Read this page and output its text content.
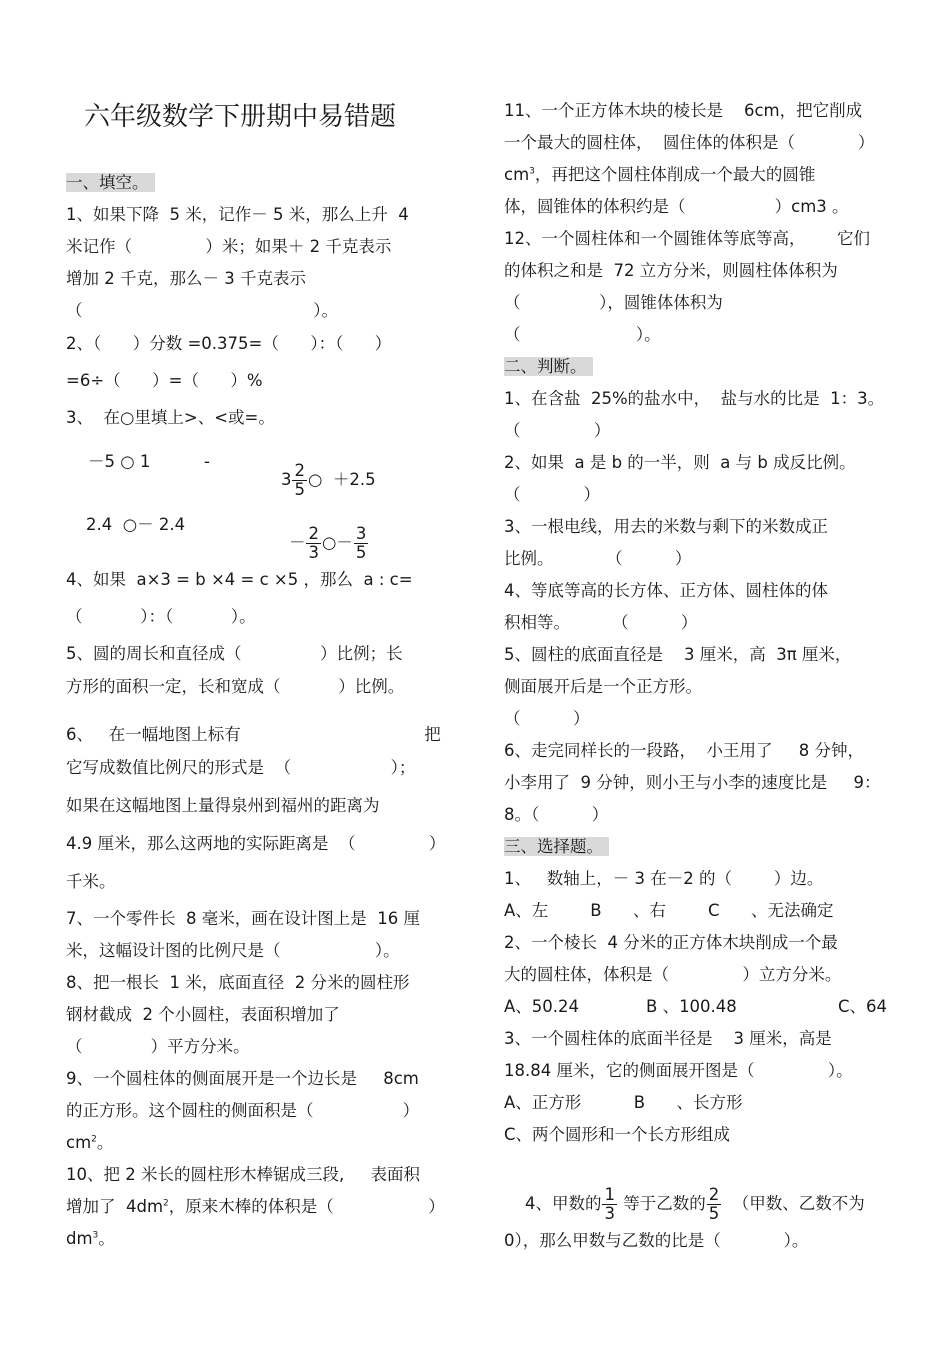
六年级数学下册期中易错题
一、填空。
1、如果下降  5 米，记作－ 5 米，那么上升  4
米记作（              ）米；如果＋ 2 千克表示
增加 2 千克，那么－ 3 千克表示
（                                            ）。
2、（      ）分数 =0.375=（      ）：（      ）
=6÷（      ）=（      ）%
3、  在○里填上>、<或=。
－5 ○ 1	-

$3 \frac{2}{5}$ ○  ＋2.5

2.4  ○－ 2.4

－ $\frac{2}{3}$ ○－ $\frac{3}{5}$

4、如果  a×3 = b ×4 = c ×5 ，那么  a : c=
（           ）：（           ）。
5、圆的周长和直径成（               ）比例；长
方形的面积一定，长和宽成（           ）比例。
6、   在一幅地图上标有                                   把
它写成数值比例尺的形式是  （                   ）；
如果在这幅地图上量得泉州到福州的距离为
4.9 厘米，那么这两地的实际距离是  （              ）
千米。
7、一个零件长  8 毫米，画在设计图上是  16 厘
米，这幅设计图的比例尺是（                  ）。
8、把一根长  1 米，底面直径  2 分米的圆柱形
钢材截成  2 个小圆柱，表面积增加了
（             ）平方分米。
9、一个圆柱体的侧面展开是一个边长是     8cm
的正方形。这个圆柱的侧面积是（                 ）
$cm^2$。
10、把 2 米长的圆柱形木棒锯成三段,     表面积
增加了  $4dm^2$，原来木棒的体积是（                  ）
$dm^3$。
11、一个正方体木块的棱长是    6cm，把它削成
一个最大的圆柱体，  圆住体的体积是（            ）
$cm^3$，再把这个圆柱体削成一个最大的圆锥
体，圆锥体的体积约是（                 ）cm3 。
12、一个圆柱体和一个圆锥体等底等高，      它们
的体积之和是  72 立方分米，则圆柱体体积为
（               ），圆锥体体积为
（                      ）。
二、判断。
1、在含盐  25%的盐水中，  盐与水的比是  1：3。
（              ）
2、如果  a 是 b 的一半，则  a 与 b 成反比例。
（            ）
3、一根电线，用去的米数与剩下的米数成正
比例。          （          ）
4、等底等高的长方体、正方体、圆柱体的体
积相等。        （          ）
5、圆柱的底面直径是    3 厘米，高  3π 厘米，
侧面展开后是一个正方形。
（          ）
6、走完同样长的一段路，  小王用了     8 分钟，
小李用了  9 分钟，则小王与小李的速度比是     9：
8。（          ）
三、选择题。
1、   数轴上，－ 3 在－2 的（        ）边。
A、左        B      、右        C      、无法确定
2、一个棱长  4 分米的正方体木块削成一个最
大的圆柱体，体积是（              ）立方分米。
A、50.24	B 、100.48	C、64
3、一个圆柱体的底面半径是    3 厘米，高是
18.84 厘米，它的侧面展开图是（              ）。
A、正方形          B      、长方形
C、两个圆形和一个长方形组成

4、甲数的 $\frac{1}{3}$ 等于乙数的 $\frac{2}{5}$ （甲数、乙数不为

0），那么甲数与乙数的比是（            ）。
